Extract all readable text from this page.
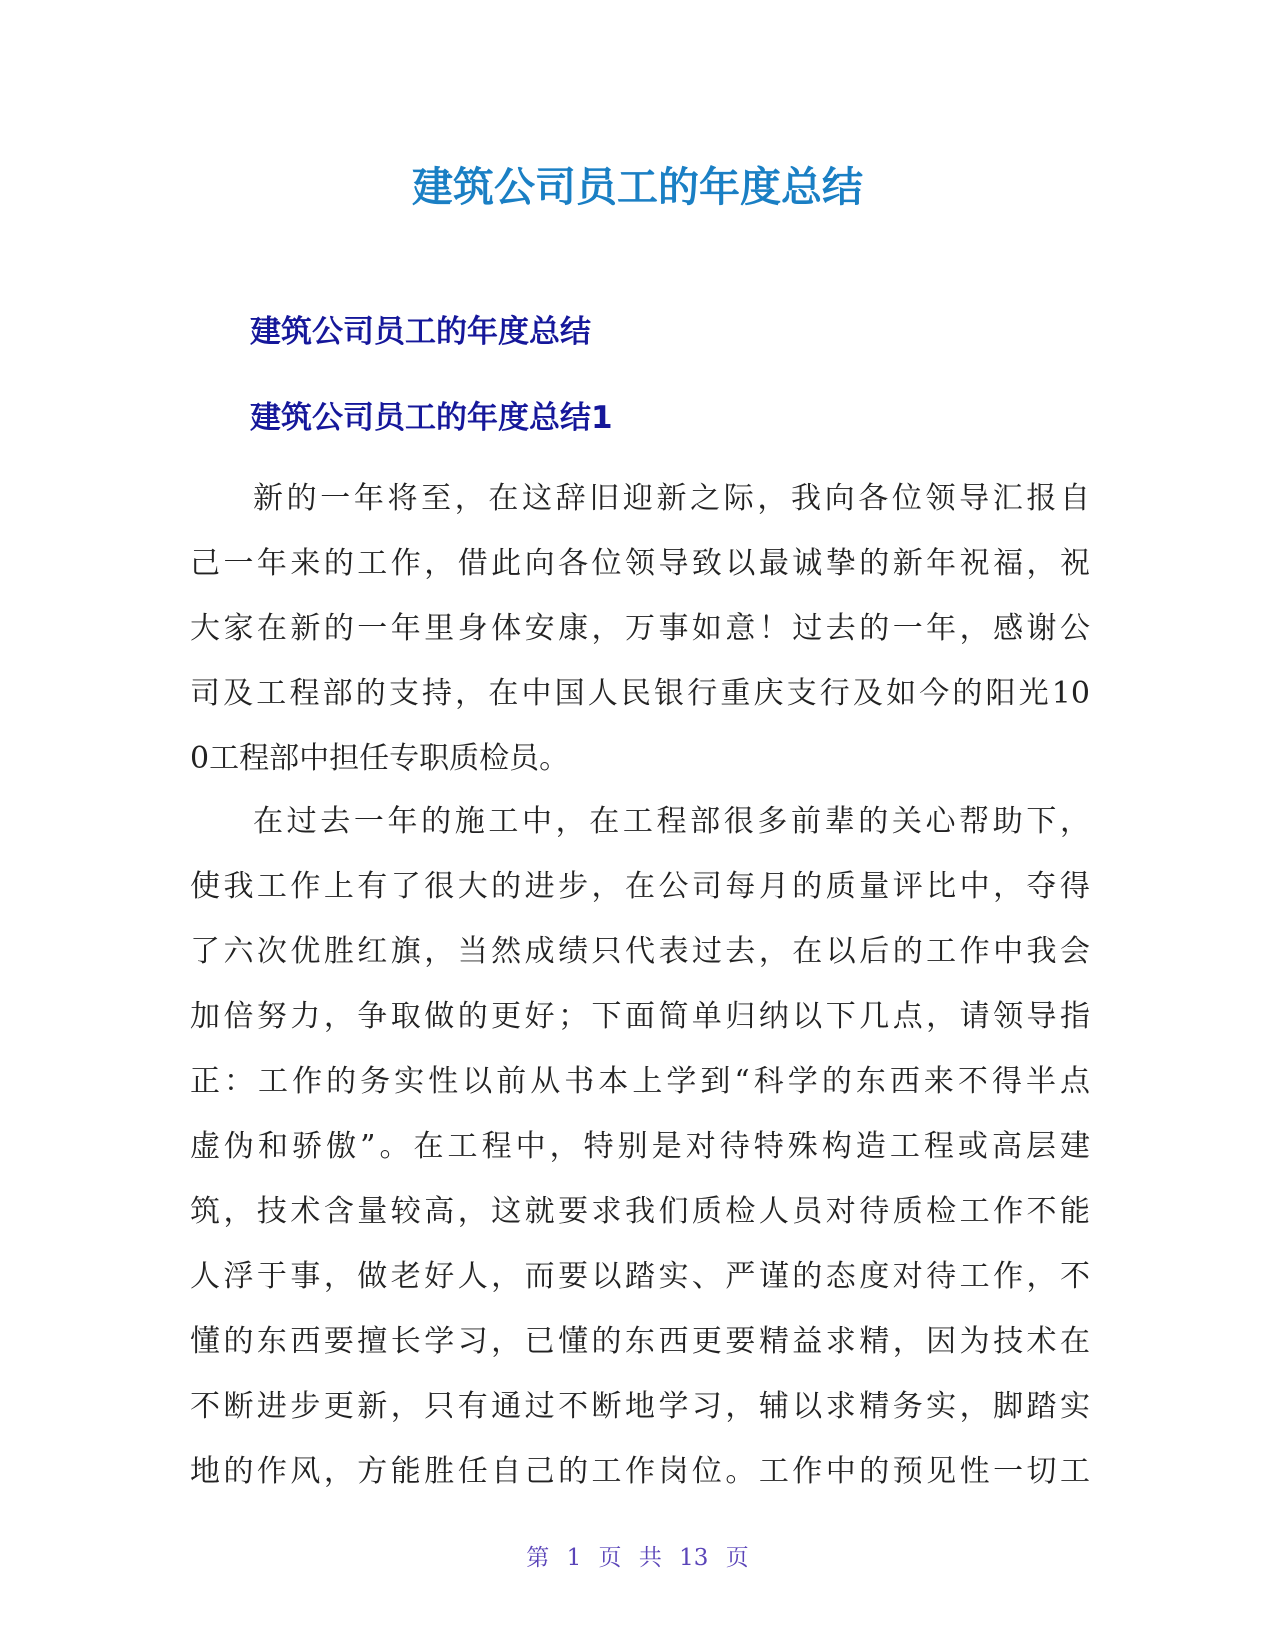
建筑公司员工的年度总结
建筑公司员工的年度总结
建筑公司员工的年度总结1
新的一年将至，在这辞旧迎新之际，我向各位领导汇报自
己一年来的工作，借此向各位领导致以最诚挚的新年祝福，祝
大家在新的一年里身体安康，万事如意！过去的一年，感谢公
司及工程部的支持，在中国人民银行重庆支行及如今的阳光10
0工程部中担任专职质检员。
在过去一年的施工中，在工程部很多前辈的关心帮助下，
使我工作上有了很大的进步，在公司每月的质量评比中，夺得
了六次优胜红旗，当然成绩只代表过去，在以后的工作中我会
加倍努力，争取做的更好；下面简单归纳以下几点，请领导指
正：工作的务实性以前从书本上学到“科学的东西来不得半点
虚伪和骄傲”。在工程中，特别是对待特殊构造工程或高层建
筑，技术含量较高，这就要求我们质检人员对待质检工作不能
人浮于事，做老好人，而要以踏实、严谨的态度对待工作，不
懂的东西要擅长学习，已懂的东西更要精益求精，因为技术在
不断进步更新，只有通过不断地学习，辅以求精务实，脚踏实
地的作风，方能胜任自己的工作岗位。工作中的预见性一切工
第 1 页 共 13 页
